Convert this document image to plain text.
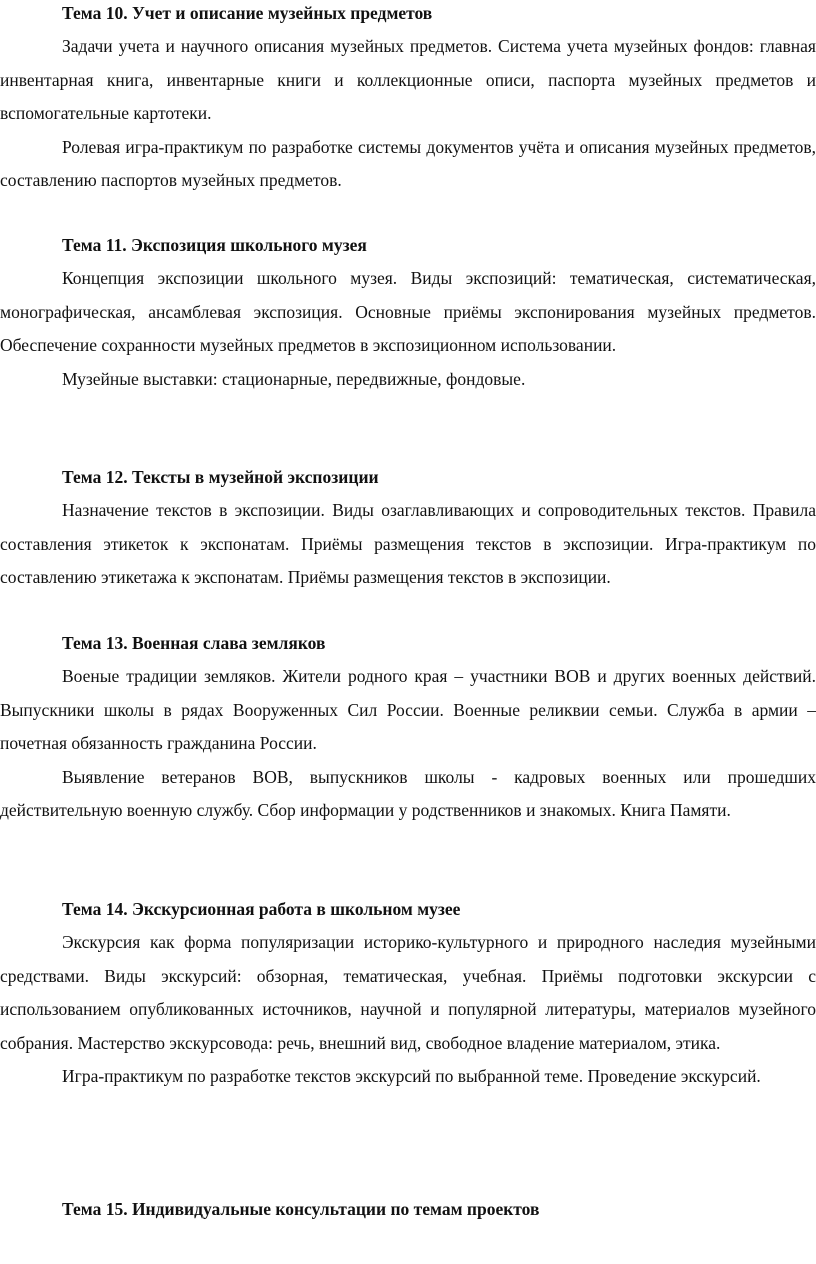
Тема 10. Учет и описание музейных предметов

Задачи учета и научного описания музейных предметов. Система учета музейных фондов: главная инвентарная книга, инвентарные книги и коллекционные описи, паспорта музейных предметов и вспомогательные картотеки.

Ролевая игра-практикум по разработке системы документов учёта и описания музейных предметов, составлению паспортов музейных предметов.

Тема 11. Экспозиция школьного музея

Концепция экспозиции школьного музея. Виды экспозиций: тематическая, систематическая, монографическая, ансамблевая экспозиция. Основные приёмы экспонирования музейных предметов. Обеспечение сохранности музейных предметов в экспозиционном использовании.

Музейные выставки: стационарные, передвижные, фондовые.

Тема 12. Тексты в музейной экспозиции

Назначение текстов в экспозиции. Виды озаглавливающих и сопроводительных текстов. Правила составления этикеток к экспонатам. Приёмы размещения текстов в экспозиции. Игра-практикум по составлению этикетажа к экспонатам. Приёмы размещения текстов в экспозиции.

Тема 13. Военная слава земляков

Военые традиции земляков. Жители родного края – участники ВОВ и других военных действий. Выпускники школы в рядах Вооруженных Сил России. Военные реликвии семьи. Служба в армии – почетная обязанность гражданина России.

Выявление ветеранов ВОВ, выпускников школы - кадровых военных или прошедших действительную военную службу. Сбор информации у родственников и знакомых. Книга Памяти.

Тема 14. Экскурсионная работа в школьном музее

Экскурсия как форма популяризации историко-культурного и природного наследия музейными средствами. Виды экскурсий: обзорная, тематическая, учебная. Приёмы подготовки экскурсии с использованием опубликованных источников, научной и популярной литературы, материалов музейного собрания. Мастерство экскурсовода: речь, внешний вид, свободное владение материалом, этика.

Игра-практикум по разработке текстов экскурсий по выбранной теме. Проведение экскурсий.

Тема 15. Индивидуальные консультации по темам проектов
